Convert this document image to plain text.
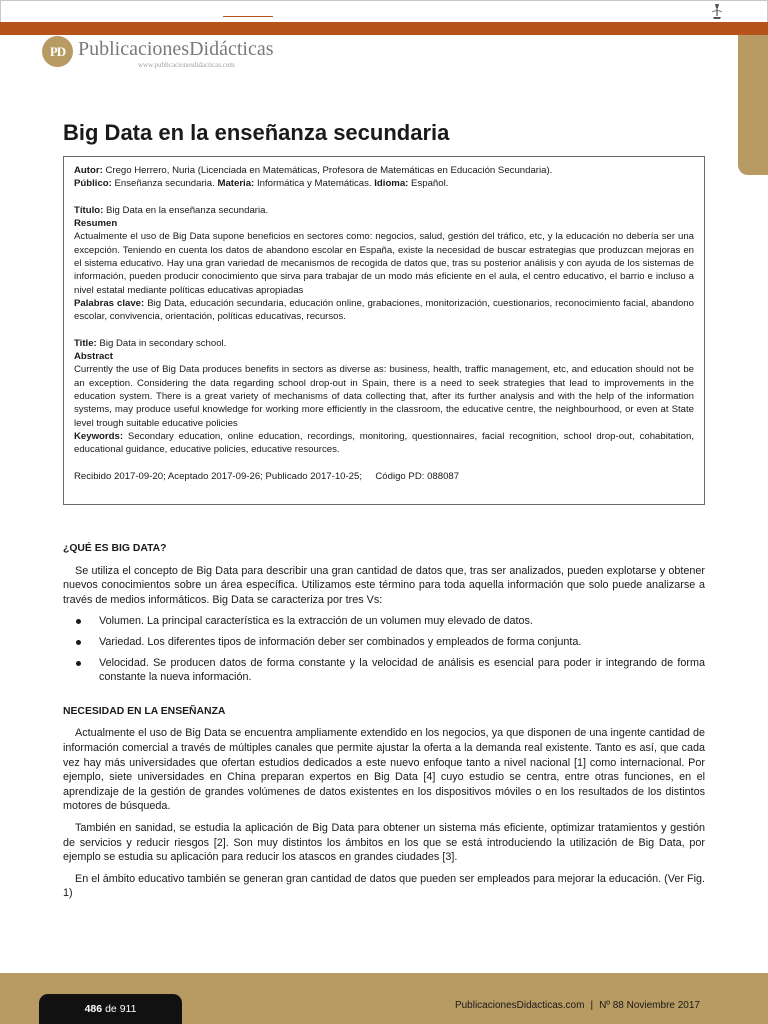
PD PublicacionesDidácticas
www.publicacionesdidacticas.com
Big Data en la enseñanza secundaria

Autor: Crego Herrero, Nuria (Licenciada en Matemáticas, Profesora de Matemáticas en Educación Secundaria).

Público: Enseñanza secundaria. Materia: Informática y Matemáticas. Idioma: Español.

Título: Big Data en la enseñanza secundaria.

Resumen

Actualmente el uso de Big Data supone beneficios en sectores como: negocios, salud, gestión del tráfico, etc, y la educación no debería ser una excepción. Teniendo en cuenta los datos de abandono escolar en España, existe la necesidad de buscar estrategias que produzcan mejoras en el sistema educativo. Hay una gran variedad de mecanismos de recogida de datos que, tras su posterior análisis y con ayuda de los sistemas de información, pueden producir conocimiento que sirva para trabajar de un modo más eficiente en el aula, el centro educativo, el barrio e incluso a nivel estatal mediante políticas educativas apropiadas

Palabras clave: Big Data, educación secundaria, educación online, grabaciones, monitorización, cuestionarios, reconocimiento facial, abandono escolar, convivencia, orientación, políticas educativas, recursos.

Title: Big Data in secondary school.

Abstract

Currently the use of Big Data produces benefits in sectors as diverse as: business, health, traffic management, etc, and education should not be an exception. Considering the data regarding school drop-out in Spain, there is a need to seek strategies that lead to improvements in the education system. There is a great variety of mechanisms of data collecting that, after its further analysis and with the help of the information systems, may produce useful knowledge for working more efficiently in the classroom, the educative centre, the neighbourhood, or even at State level trough suitable educative policies

Keywords: Secondary education, online education, recordings, monitoring, questionnaires, facial recognition, school drop-out, cohabitation, educational guidance, educative policies, educative resources.

Recibido 2017-09-20; Aceptado 2017-09-26; Publicado 2017-10-25; Código PD: 088087

¿QUÉ ES BIG DATA?

Se utiliza el concepto de Big Data para describir una gran cantidad de datos que, tras ser analizados, pueden explotarse y obtener nuevos conocimientos sobre un área específica. Utilizamos este término para toda aquella información que solo puede analizarse a través de medios informáticos. Big Data se caracteriza por tres Vs:

Volumen. La principal característica es la extracción de un volumen muy elevado de datos.
Variedad. Los diferentes tipos de información deber ser combinados y empleados de forma conjunta.
Velocidad. Se producen datos de forma constante y la velocidad de análisis es esencial para poder ir integrando de forma constante la nueva información.
NECESIDAD EN LA ENSEÑANZA

Actualmente el uso de Big Data se encuentra ampliamente extendido en los negocios, ya que disponen de una ingente cantidad de información comercial a través de múltiples canales que permite ajustar la oferta a la demanda real existente. Tanto es así, que cada vez hay más universidades que ofertan estudios dedicados a este nuevo enfoque tanto a nivel nacional [1] como internacional. Por ejemplo, siete universidades en China preparan expertos en Big Data [4] cuyo estudio se centra, entre otras funciones, en el aprendizaje de la gestión de grandes volúmenes de datos existentes en los dispositivos móviles o en los resultados de los distintos motores de búsqueda.

También en sanidad, se estudia la aplicación de Big Data para obtener un sistema más eficiente, optimizar tratamientos y gestión de servicios y reducir riesgos [2]. Son muy distintos los ámbitos en los que se está introduciendo la utilización de Big Data, por ejemplo se estudia su aplicación para reducir los atascos en grandes ciudades [3].

En el ámbito educativo también se generan gran cantidad de datos que pueden ser empleados para mejorar la educación. (Ver Fig. 1)

486 de 911	PublicacionesDidacticas.com | Nº 88 Noviembre 2017
